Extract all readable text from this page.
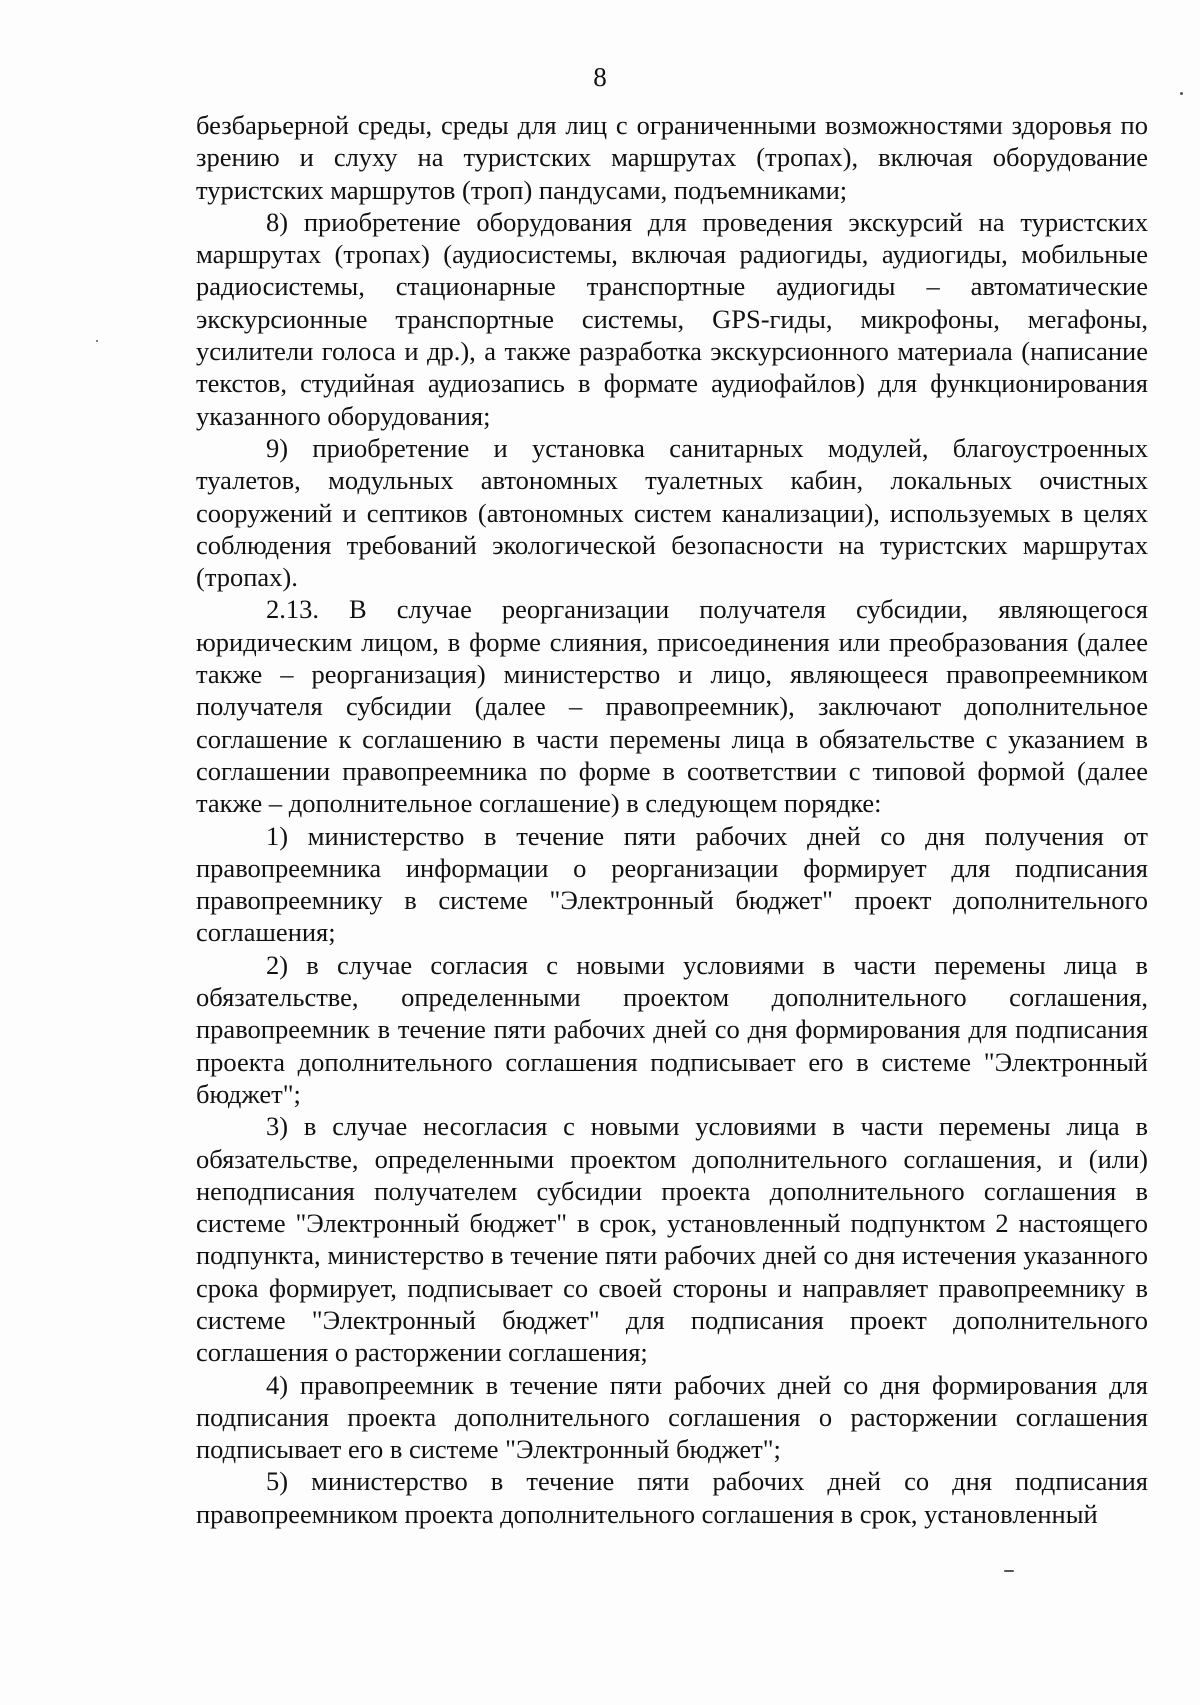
8

безбарьерной среды, среды для лиц с ограниченными возможностями здоровья по зрению и слуху на туристских маршрутах (тропах), включая оборудование туристских маршрутов (троп) пандусами, подъемниками;

8) приобретение оборудования для проведения экскурсий на туристских маршрутах (тропах) (аудиосистемы, включая радиогиды, аудиогиды, мобильные радиосистемы, стационарные транспортные аудиогиды – автоматические экскурсионные транспортные системы, GPS-гиды, микрофоны, мегафоны, усилители голоса и др.), а также разработка экскурсионного материала (написание текстов, студийная аудиозапись в формате аудиофайлов) для функционирования указанного оборудования;

9) приобретение и установка санитарных модулей, благоустроенных туалетов, модульных автономных туалетных кабин, локальных очистных сооружений и септиков (автономных систем канализации), используемых в целях соблюдения требований экологической безопасности на туристских маршрутах (тропах).

2.13. В случае реорганизации получателя субсидии, являющегося юридическим лицом, в форме слияния, присоединения или преобразования (далее также – реорганизация) министерство и лицо, являющееся правопреемником получателя субсидии (далее – правопреемник), заключают дополнительное соглашение к соглашению в части перемены лица в обязательстве с указанием в соглашении правопреемника по форме в соответствии с типовой формой (далее также – дополнительное соглашение) в следующем порядке:

1) министерство в течение пяти рабочих дней со дня получения от правопреемника информации о реорганизации формирует для подписания правопреемнику в системе "Электронный бюджет" проект дополнительного соглашения;

2) в случае согласия с новыми условиями в части перемены лица в обязательстве, определенными проектом дополнительного соглашения, правопреемник в течение пяти рабочих дней со дня формирования для подписания проекта дополнительного соглашения подписывает его в системе "Электронный бюджет";

3) в случае несогласия с новыми условиями в части перемены лица в обязательстве, определенными проектом дополнительного соглашения, и (или) неподписания получателем субсидии проекта дополнительного соглашения в системе "Электронный бюджет" в срок, установленный подпунктом 2 настоящего подпункта, министерство в течение пяти рабочих дней со дня истечения указанного срока формирует, подписывает со своей стороны и направляет правопреемнику в системе "Электронный бюджет" для подписания проект дополнительного соглашения о расторжении соглашения;

4) правопреемник в течение пяти рабочих дней со дня формирования для подписания проекта дополнительного соглашения о расторжении соглашения подписывает его в системе "Электронный бюджет";

5) министерство в течение пяти рабочих дней со дня подписания правопреемником проекта дополнительного соглашения в срок, установленный
